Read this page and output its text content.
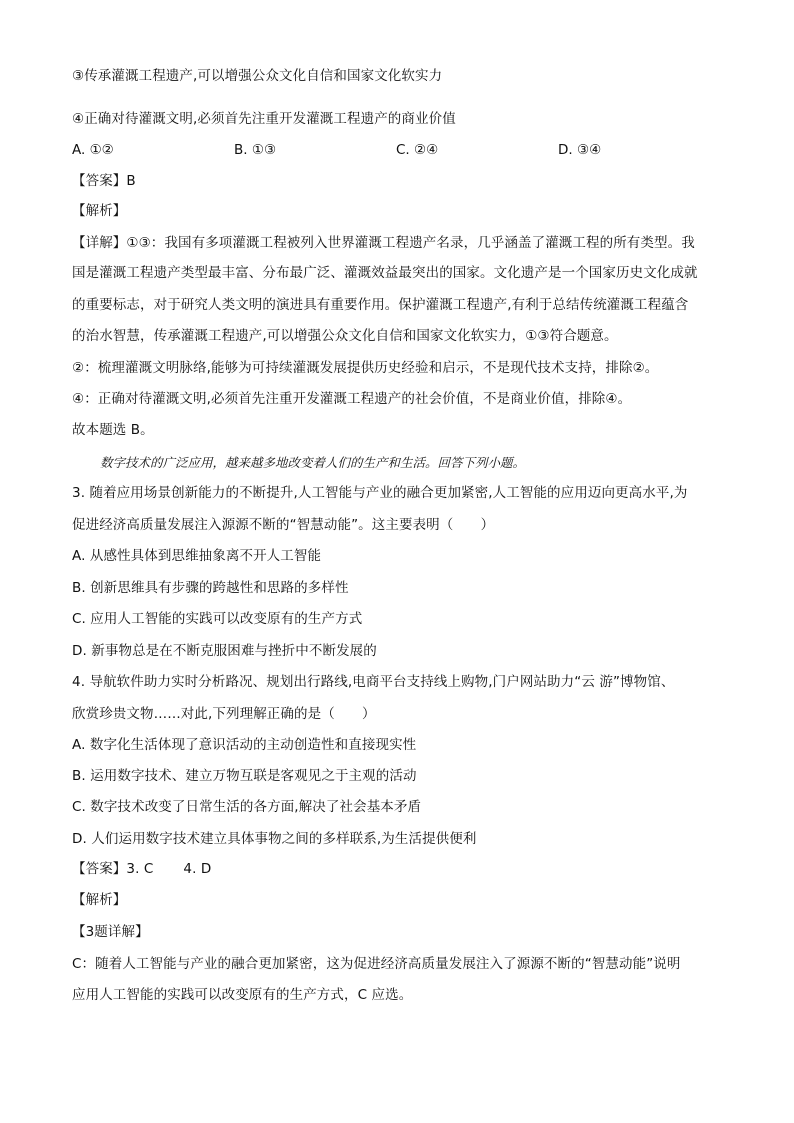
③传承灌溉工程遗产,可以增强公众文化自信和国家文化软实力
④正确对待灌溉文明,必须首先注重开发灌溉工程遗产的商业价值
A. ①②	B. ①③	C. ②④	D. ③④
【答案】B
【解析】
【详解】①③：我国有多项灌溉工程被列入世界灌溉工程遗产名录，几乎涵盖了灌溉工程的所有类型。我
国是灌溉工程遗产类型最丰富、分布最广泛、灌溉效益最突出的国家。文化遗产是一个国家历史文化成就
的重要标志，对于研究人类文明的演进具有重要作用。保护灌溉工程遗产,有利于总结传统灌溉工程蕴含
的治水智慧，传承灌溉工程遗产,可以增强公众文化自信和国家文化软实力，①③符合题意。
②：梳理灌溉文明脉络,能够为可持续灌溉发展提供历史经验和启示，不是现代技术支持，排除②。
④：正确对待灌溉文明,必须首先注重开发灌溉工程遗产的社会价值，不是商业价值，排除④。
故本题选 B。
数字技术的广泛应用，越来越多地改变着人们的生产和生活。回答下列小题。
3. 随着应用场景创新能力的不断提升,人工智能与产业的融合更加紧密,人工智能的应用迈向更高水平,为
促进经济高质量发展注入源源不断的“智慧动能”。这主要表明（　　）
A. 从感性具体到思维抽象离不开人工智能
B. 创新思维具有步骤的跨越性和思路的多样性
C. 应用人工智能的实践可以改变原有的生产方式
D. 新事物总是在不断克服困难与挫折中不断发展的
4. 导航软件助力实时分析路况、规划出行路线,电商平台支持线上购物,门户网站助力“云 游”博物馆、
欣赏珍贵文物……对此,下列理解正确的是（　　）
A. 数字化生活体现了意识活动的主动创造性和直接现实性
B. 运用数字技术、建立万物互联是客观见之于主观的活动
C. 数字技术改变了日常生活的各方面,解决了社会基本矛盾
D. 人们运用数字技术建立具体事物之间的多样联系,为生活提供便利
【答案】3. C 4. D
【解析】
【3题详解】
C：随着人工智能与产业的融合更加紧密，这为促进经济高质量发展注入了源源不断的“智慧动能”说明
应用人工智能的实践可以改变原有的生产方式，C 应选。
